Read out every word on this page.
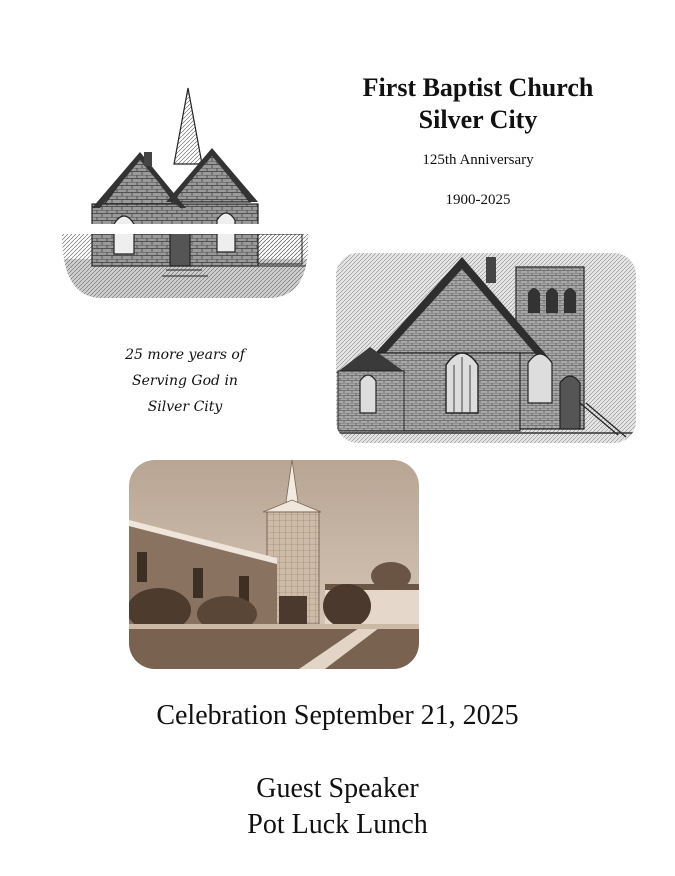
First Baptist Church
Silver City
125th Anniversary
1900-2025
25 more years of
Serving God in
Silver City
Celebration September 21, 2025
Guest Speaker
Pot Luck Lunch
